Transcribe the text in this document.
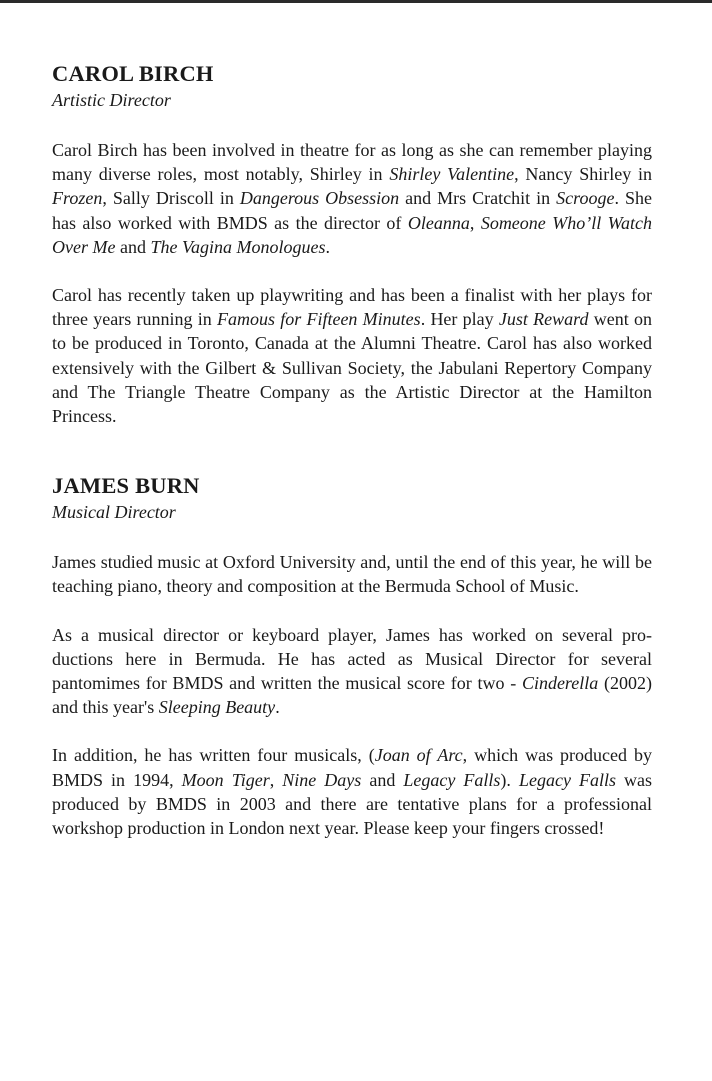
CAROL BIRCH
Artistic Director

Carol Birch has been involved in theatre for as long as she can remember playing many diverse roles, most notably, Shirley in Shirley Valentine, Nancy Shirley in Frozen, Sally Driscoll in Dangerous Obsession and Mrs Cratchit in Scrooge. She has also worked with BMDS as the director of Oleanna, Someone Who’ll Watch Over Me and The Vagina Monologues.

Carol has recently taken up playwriting and has been a finalist with her plays for three years running in Famous for Fifteen Minutes. Her play Just Reward went on to be produced in Toronto, Canada at the Alumni Theatre. Carol has also worked extensively with the Gilbert & Sullivan Society, the Jabulani Repertory Company and The Triangle Theatre Company as the Artistic Director at the Hamilton Princess.

JAMES BURN
Musical Director

James studied music at Oxford University and, until the end of this year, he will be teaching piano, theory and composition at the Bermuda School of Music.

As a musical director or keyboard player, James has worked on several productions here in Bermuda. He has acted as Musical Director for several pantomimes for BMDS and written the musical score for two - Cinderella (2002) and this year's Sleeping Beauty.

In addition, he has written four musicals, (Joan of Arc, which was produced by BMDS in 1994, Moon Tiger, Nine Days and Legacy Falls). Legacy Falls was produced by BMDS in 2003 and there are tentative plans for a professional workshop production in London next year. Please keep your fingers crossed!
